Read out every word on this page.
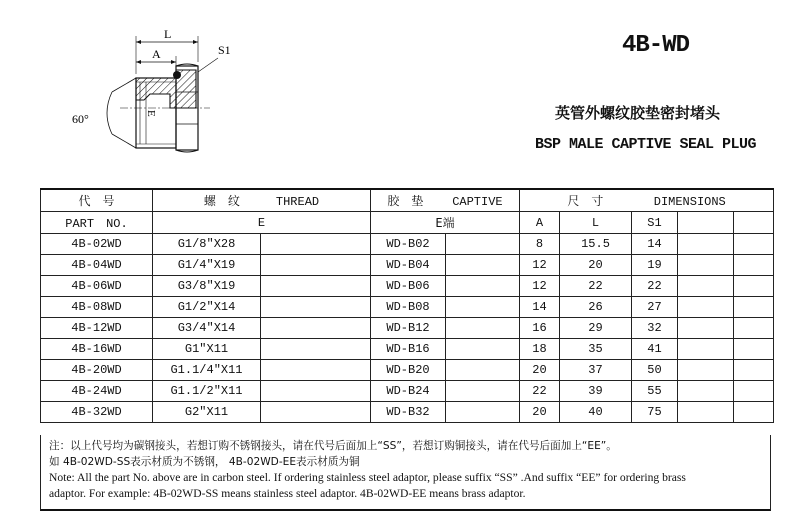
L
A	S1
E
60°
4B-WD
英管外螺纹胶垫密封堵头
BSP MALE CAPTIVE SEAL PLUG
代　号	螺　纹 THREAD		胶　垫 CAPTIVE		尺　寸 DIMENSIONS				
PART　NO.	E		E端		A	L	S1		
4B-02WD	G1/8″X28		WD-B02		8	15.5	14		
4B-04WD	G1/4″X19		WD-B04		12	20	19		
4B-06WD	G3/8″X19		WD-B06		12	22	22		
4B-08WD	G1/2″X14		WD-B08		14	26	27		
4B-12WD	G3/4″X14		WD-B12		16	29	32		
4B-16WD	G1″X11		WD-B16		18	35	41		
4B-20WD	G1.1/4″X11		WD-B20		20	37	50		
4B-24WD	G1.1/2″X11		WD-B24		22	39	55		
4B-32WD	G2″X11		WD-B32		20	40	75		
注：以上代号均为碳钢接头，若想订购不锈钢接头，请在代号后面加上“SS”，若想订购铜接头，请在代号后面加上“EE”。
如 4B-02WD-SS表示材质为不锈钢， 4B-02WD-EE表示材质为铜
Note: All the part No. above are in carbon steel. If ordering stainless steel adaptor, please suffix “SS” .And suffix “EE” for ordering brass
adaptor. For example: 4B-02WD-SS means stainless steel adaptor. 4B-02WD-EE means brass adaptor.
